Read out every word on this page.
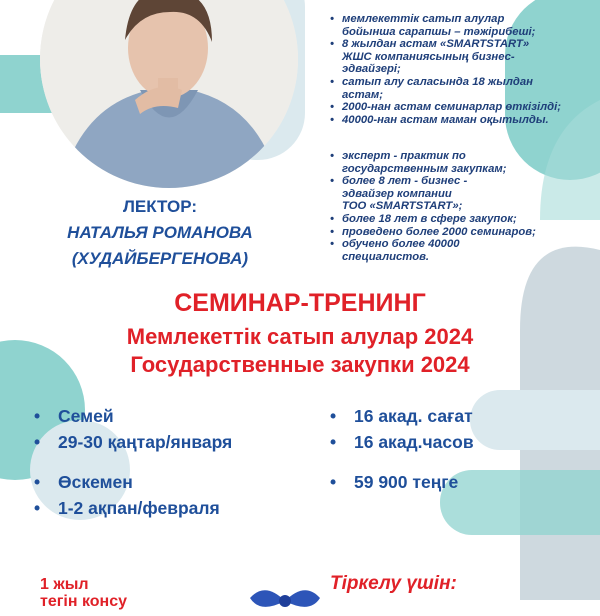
• мемлекеттік сатып алулар
бойынша сарапшы – тәжірибеші;
• 8 жылдан астам «SMARTSTART»
ЖШС компаниясының бизнес-
эдвайзері;
• сатып алу саласында 18 жылдан
астам;
• 2000-нан астам семинарлар өткізілді;
• 40000-нан астам маман оқытылды.
• эксперт - практик по
государственным закупкам;
• более 8 лет - бизнес -
эдвайзер компании
ТОО «SMARTSTART»;
• более 18 лет в сфере закупок;
• проведено более 2000 семинаров;
• обучено более 40000
специалистов.
ЛЕКТОР:
НАТАЛЬЯ РОМАНОВА
(ХУДАЙБЕРГЕНОВА)
СЕМИНАР-ТРЕНИНГ
Мемлекеттік сатып алулар 2024
Государственные закупки 2024
• Семей
• 29-30 қаңтар/января
• Өскемен
• 1-2 ақпан/февраля
• 16 акад. сағат
• 16 акад.часов
• 59 900 теңге
1 жыл
тегін консу
Тіркелу үшін:
